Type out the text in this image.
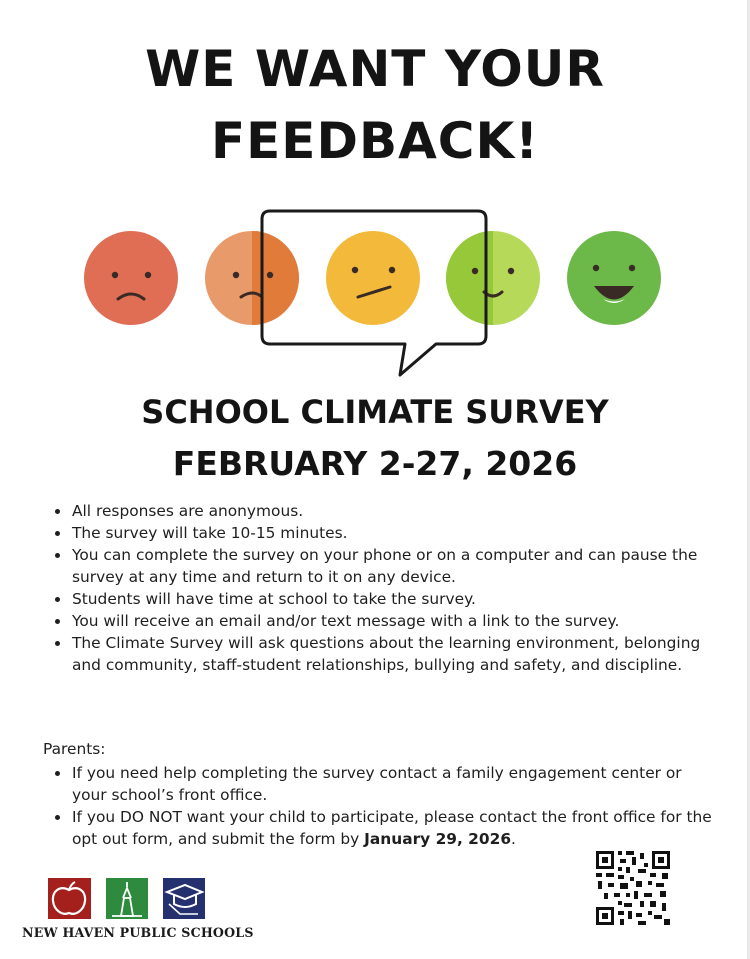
WE WANT YOUR
FEEDBACK!
SCHOOL CLIMATE SURVEY
FEBRUARY 2-27, 2026
All responses are anonymous.
The survey will take 10-15 minutes.
You can complete the survey on your phone or on a computer and can pause the survey at any time and return to it on any device.
Students will have time at school to take the survey.
You will receive an email and/or text message with a link to the survey.
The Climate Survey will ask questions about the learning environment, belonging and community, staff-student relationships, bullying and safety, and discipline.
Parents:
If you need help completing the survey contact a family engagement center or your school’s front office.
If you DO NOT want your child to participate, please contact the front office for the opt out form, and submit the form by January 29, 2026.
NEW HAVEN PUBLIC SCHOOLS
